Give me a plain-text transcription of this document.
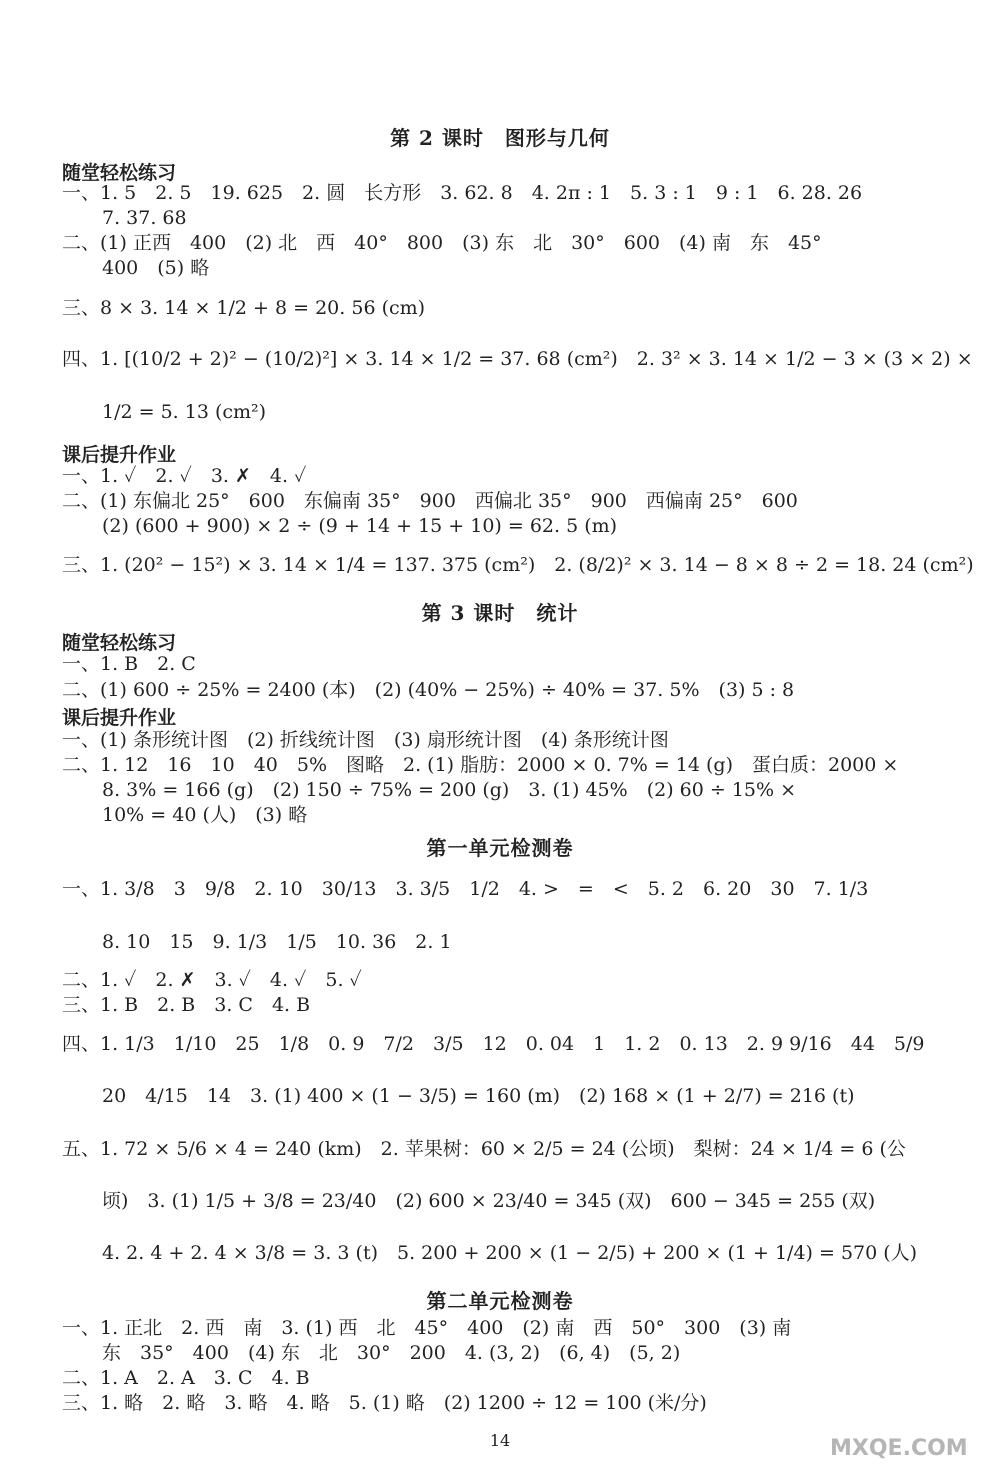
第 2 课时　图形与几何
随堂轻松练习
一、1. 5　2. 5　19. 625　2. 圆　长方形　3. 62. 8　4. 2π : 1　5. 3 : 1　9 : 1　6. 28. 26
7. 37. 68
二、(1) 正西　400　(2) 北　西　40°　800　(3) 东　北　30°　600　(4) 南　东　45°
400　(5) 略
三、8 × 3. 14 × 1/2 + 8 = 20. 56 (cm)
四、1. [(10/2 + 2)² − (10/2)²] × 3. 14 × 1/2 = 37. 68 (cm²)　2. 3² × 3. 14 × 1/2 − 3 × (3 × 2) ×
1/2 = 5. 13 (cm²)
课后提升作业
一、1. ✓　2. ✓　3. ✗　4. ✓
二、(1) 东偏北 25°　600　东偏南 35°　900　西偏北 35°　900　西偏南 25°　600
(2) (600 + 900) × 2 ÷ (9 + 14 + 15 + 10) = 62. 5 (m)
三、1. (20² − 15²) × 3. 14 × 1/4 = 137. 375 (cm²)　2. (8/2)² × 3. 14 − 8 × 8 ÷ 2 = 18. 24 (cm²)
第 3 课时　统计
随堂轻松练习
一、1. B　2. C
二、(1) 600 ÷ 25% = 2400 (本)　(2) (40% − 25%) ÷ 40% = 37. 5%　(3) 5 : 8
课后提升作业
一、(1) 条形统计图　(2) 折线统计图　(3) 扇形统计图　(4) 条形统计图
二、1. 12　16　10　40　5%　图略　2. (1) 脂肪：2000 × 0. 7% = 14 (g)　蛋白质：2000 ×
8. 3% = 166 (g)　(2) 150 ÷ 75% = 200 (g)　3. (1) 45%　(2) 60 ÷ 15% ×
10% = 40 (人)　(3) 略
第一单元检测卷
一、1. 3/8　3　9/8　2. 10　30/13　3. 3/5　1/2　4. >　=　<　5. 2　6. 20　30　7. 1/3
8. 10　15　9. 1/3　1/5　10. 36　2. 1
二、1. ✓　2. ✗　3. ✓　4. ✓　5. ✓
三、1. B　2. B　3. C　4. B
四、1. 1/3　1/10　25　1/8　0. 9　7/2　3/5　12　0. 04　1　1. 2　0. 13　2. 9 9/16　44　5/9
20　4/15　14　3. (1) 400 × (1 − 3/5) = 160 (m)　(2) 168 × (1 + 2/7) = 216 (t)
五、1. 72 × 5/6 × 4 = 240 (km)　2. 苹果树：60 × 2/5 = 24 (公顷)　梨树：24 × 1/4 = 6 (公
顷)　3. (1) 1/5 + 3/8 = 23/40　(2) 600 × 23/40 = 345 (双)　600 − 345 = 255 (双)
4. 2. 4 + 2. 4 × 3/8 = 3. 3 (t)　5. 200 + 200 × (1 − 2/5) + 200 × (1 + 1/4) = 570 (人)
第二单元检测卷
一、1. 正北　2. 西　南　3. (1) 西　北　45°　400　(2) 南　西　50°　300　(3) 南
东　35°　400　(4) 东　北　30°　200　4. (3, 2)　(6, 4)　(5, 2)
二、1. A　2. A　3. C　4. B
三、1. 略　2. 略　3. 略　4. 略　5. (1) 略　(2) 1200 ÷ 12 = 100 (米/分)
14	MXQE.COM
